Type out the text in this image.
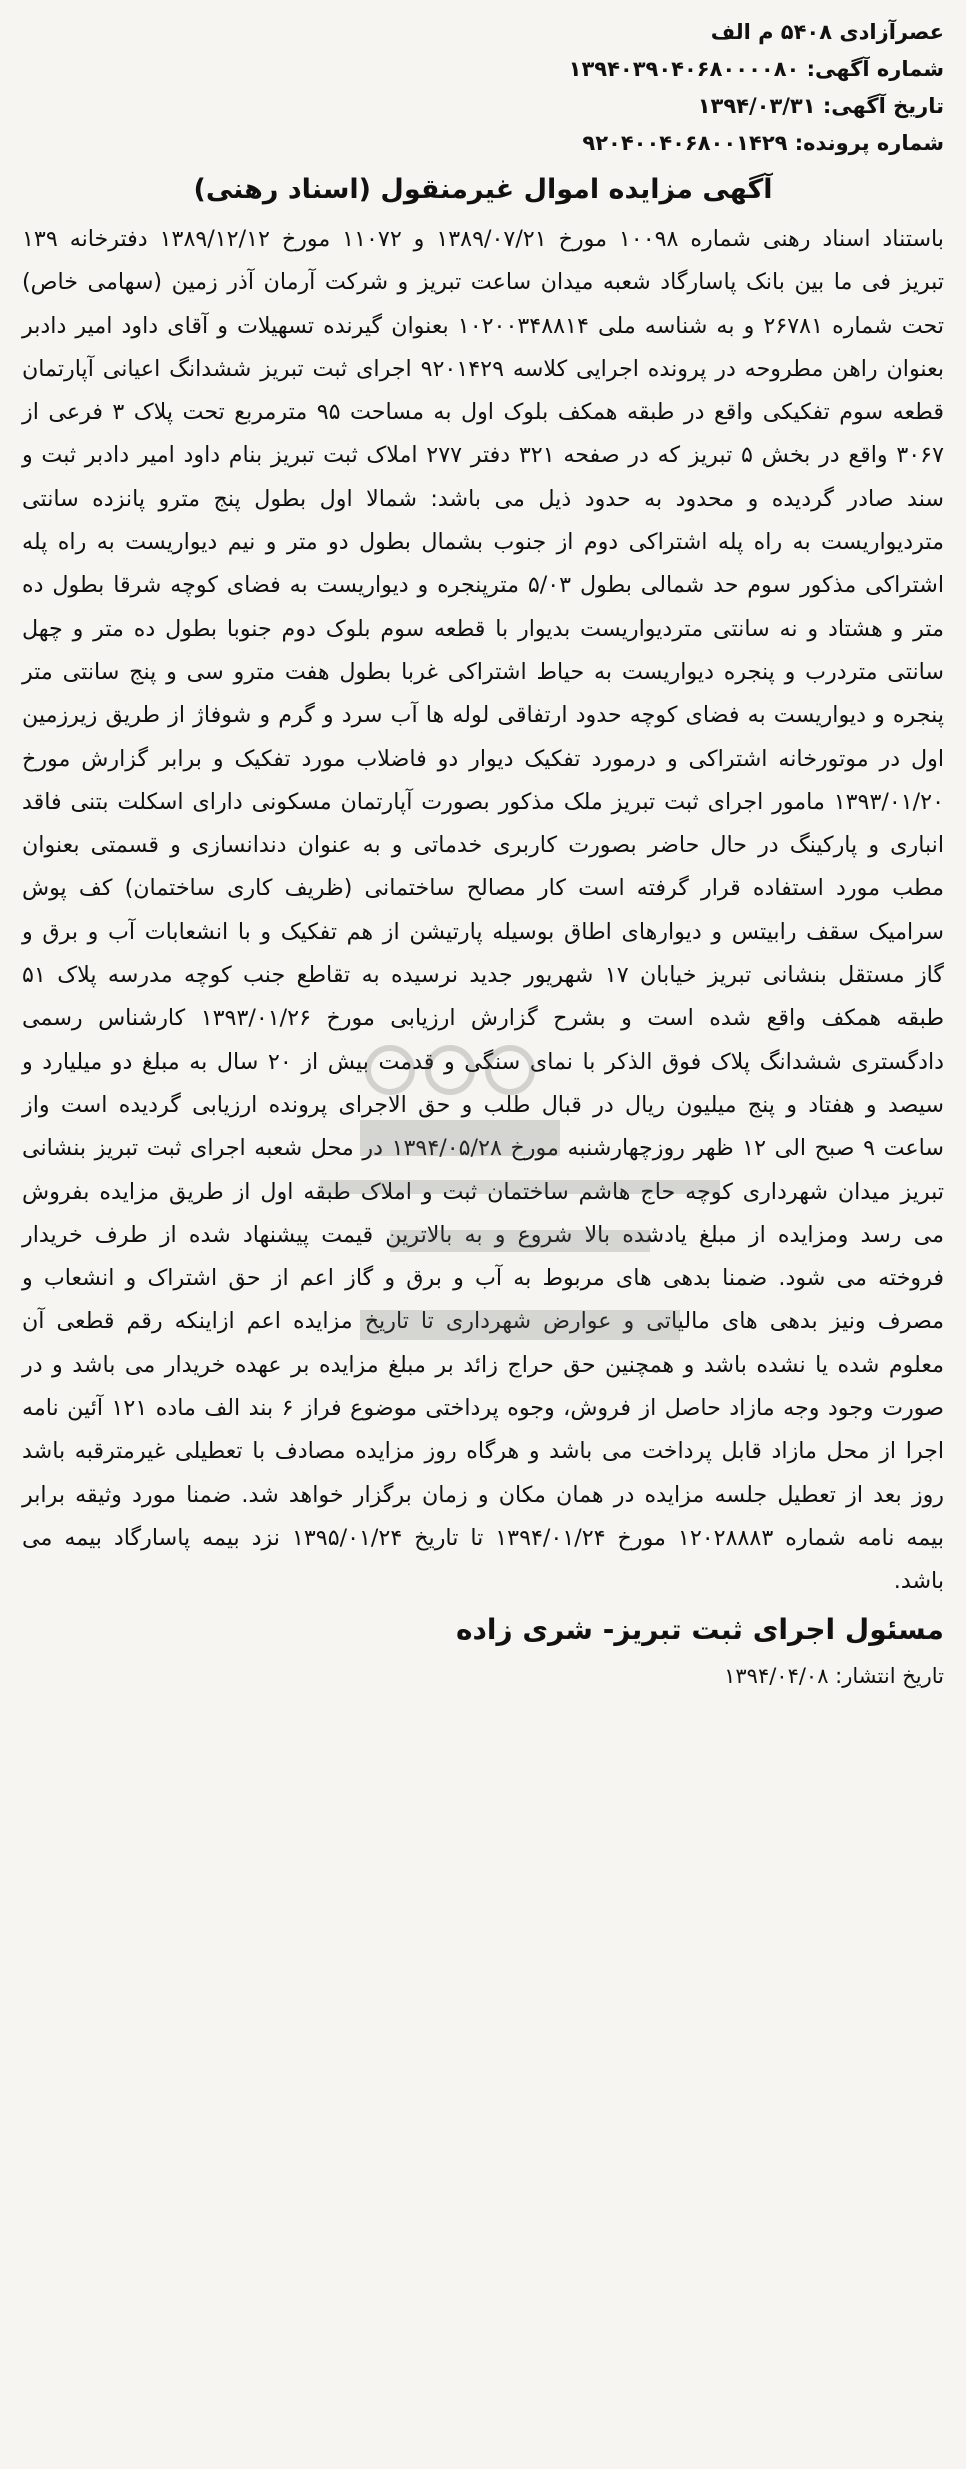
عصرآزادی ۵۴۰۸ م الف
شماره آگهی: ۱۳۹۴۰۳۹۰۴۰۶۸۰۰۰۰۸۰
تاریخ آگهی: ۱۳۹۴/۰۳/۳۱
شماره پرونده: ۹۲۰۴۰۰۴۰۶۸۰۰۱۴۲۹
آگهی مزایده اموال غیرمنقول (اسناد رهنی)
باستناد اسناد رهنی شماره ۱۰۰۹۸ مورخ ۱۳۸۹/۰۷/۲۱ و ۱۱۰۷۲ مورخ ۱۳۸۹/۱۲/۱۲ دفترخانه ۱۳۹ تبریز فی ما بین بانک پاسارگاد شعبه میدان ساعت تبریز و شرکت آرمان آذر زمین (سهامی خاص) تحت شماره ۲۶۷۸۱ و به شناسه ملی ۱۰۲۰۰۳۴۸۸۱۴ بعنوان گیرنده تسهیلات و آقای داود امیر دادبر بعنوان راهن مطروحه در پرونده اجرایی کلاسه ۹۲۰۱۴۲۹ اجرای ثبت تبریز ششدانگ اعیانی آپارتمان قطعه سوم تفکیکی واقع در طبقه همکف بلوک اول به مساحت ۹۵ مترمربع تحت پلاک ۳ فرعی از ۳۰۶۷ واقع در بخش ۵ تبریز که در صفحه ۳۲۱ دفتر ۲۷۷ املاک ثبت تبریز بنام داود امیر دادبر ثبت و سند صادر گردیده و محدود به حدود ذیل می باشد: شمالا اول بطول پنج مترو پانزده سانتی متردیواریست به راه پله اشتراکی دوم از جنوب بشمال بطول دو متر و نیم دیواریست به راه پله اشتراکی مذکور سوم حد شمالی بطول ۵/۰۳ مترپنجره و دیواریست به فضای کوچه شرقا بطول ده متر و هشتاد و نه سانتی متردیواریست بدیوار با قطعه سوم بلوک دوم جنوبا بطول ده متر و چهل سانتی متردرب و پنجره دیواریست به حیاط اشتراکی غربا بطول هفت مترو سی و پنج سانتی متر پنجره و دیواریست به فضای کوچه حدود ارتفاقی لوله ها آب سرد و گرم و شوفاژ از طریق زیرزمین اول در موتورخانه اشتراکی و درمورد تفکیک دیوار دو فاضلاب مورد تفکیک و برابر گزارش مورخ ۱۳۹۳/۰۱/۲۰ مامور اجرای ثبت تبریز ملک مذکور بصورت آپارتمان مسکونی دارای اسکلت بتنی فاقد انباری و پارکینگ در حال حاضر بصورت کاربری خدماتی و به عنوان دندانسازی و قسمتی بعنوان مطب مورد استفاده قرار گرفته است کار مصالح ساختمانی (ظریف کاری ساختمان) کف پوش سرامیک سقف رابیتس و دیوارهای اطاق بوسیله پارتیشن از هم تفکیک و با انشعابات آب و برق و گاز مستقل بنشانی تبریز خیابان ۱۷ شهریور جدید نرسیده به تقاطع جنب کوچه مدرسه پلاک ۵۱ طبقه همکف واقع شده است و بشرح گزارش ارزیابی مورخ ۱۳۹۳/۰۱/۲۶ کارشناس رسمی دادگستری ششدانگ پلاک فوق الذکر با نمای سنگی و قدمت بیش از ۲۰ سال به مبلغ دو میلیارد و سیصد و هفتاد و پنج میلیون ریال در قبال طلب و حق الاجرای پرونده ارزیابی گردیده است واز ساعت ۹ صبح الی ۱۲ ظهر روزچهارشنبه مورخ ۱۳۹۴/۰۵/۲۸ در محل شعبه اجرای ثبت تبریز بنشانی تبریز میدان شهرداری کوچه حاج هاشم ساختمان ثبت و املاک طبقه اول از طریق مزایده بفروش می رسد ومزایده از مبلغ یادشده بالا شروع و به بالاترین قیمت پیشنهاد شده از طرف خریدار فروخته می شود. ضمنا بدهی های مربوط به آب و برق و گاز اعم از حق اشتراک و انشعاب و مصرف ونیز بدهی های مالیاتی و عوارض شهرداری تا تاریخ مزایده اعم ازاینکه رقم قطعی آن معلوم شده یا نشده باشد و همچنین حق حراج زائد بر مبلغ مزایده بر عهده خریدار می باشد و در صورت وجود وجه مازاد حاصل از فروش، وجوه پرداختی موضوع فراز ۶ بند الف ماده ۱۲۱ آئین نامه اجرا از محل مازاد قابل پرداخت می باشد و هرگاه روز مزایده مصادف با تعطیلی غیرمترقبه باشد روز بعد از تعطیل جلسه مزایده در همان مکان و زمان برگزار خواهد شد. ضمنا مورد وثیقه برابر بیمه نامه شماره ۱۲۰۲۸۸۸۳ مورخ ۱۳۹۴/۰۱/۲۴ تا تاریخ ۱۳۹۵/۰۱/۲۴ نزد بیمه پاسارگاد بیمه می باشد.
مسئول اجرای ثبت تبریز- شری زاده
تاریخ انتشار: ۱۳۹۴/۰۴/۰۸
